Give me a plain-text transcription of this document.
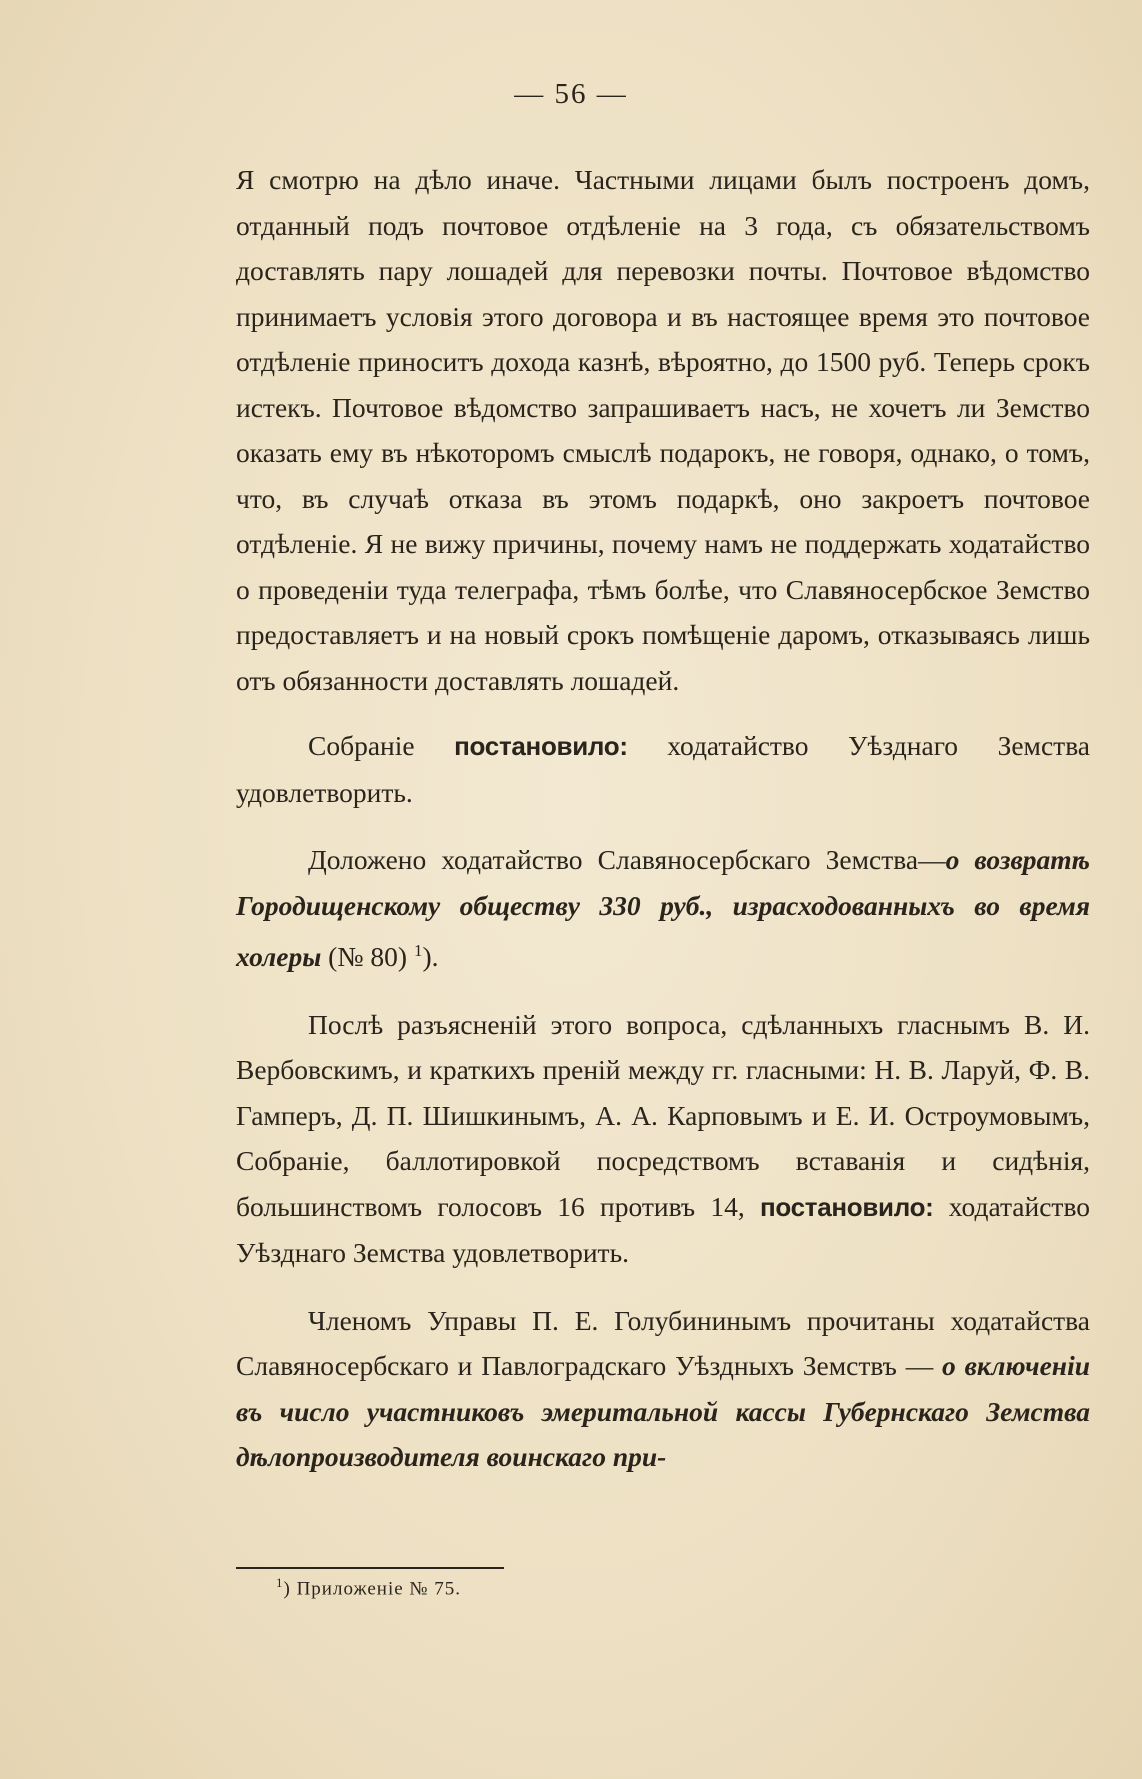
— 56 —

Я смотрю на дѣло иначе. Частными лицами былъ построенъ домъ, отданный подъ почтовое отдѣленіе на 3 года, съ обязательствомъ доставлять пару лошадей для перевозки почты. Почтовое вѣдомство принимаетъ условія этого договора и въ настоящее время это почтовое отдѣленіе приноситъ дохода казнѣ, вѣроятно, до 1500 руб. Теперь срокъ истекъ. Почтовое вѣдомство запрашиваетъ насъ, не хочетъ ли Земство оказать ему въ нѣкоторомъ смыслѣ подарокъ, не говоря, однако, о томъ, что, въ случаѣ отказа въ этомъ подаркѣ, оно закроетъ почтовое отдѣленіе. Я не вижу причины, почему намъ не поддержать ходатайство о проведеніи туда телеграфа, тѣмъ болѣе, что Славяносербское Земство предоставляетъ и на новый срокъ помѣщеніе даромъ, отказываясь лишь отъ обязанности доставлять лошадей.

Собраніе постановило: ходатайство Уѣзднаго Земства удовлетворить.

Доложено ходатайство Славяносербскаго Земства—о возвратѣ Городищенскому обществу 330 руб., израсходованныхъ во время холеры (№ 80) $^1$).

Послѣ разъясненій этого вопроса, сдѣланныхъ гласнымъ В. И. Вербовскимъ, и краткихъ преній между гг. гласными: Н. В. Ларуй, Ф. В. Гамперъ, Д. П. Шишкинымъ, А. А. Карповымъ и Е. И. Остроумовымъ, Собраніе, баллотировкой посредствомъ вставанія и сидѣнія, большинствомъ голосовъ 16 противъ 14, постановило: ходатайство Уѣзднаго Земства удовлетворить.

Членомъ Управы П. Е. Голубининымъ прочитаны ходатайства Славяносербскаго и Павлоградскаго Уѣздныхъ Земствъ — о включеніи въ число участниковъ эмеритальной кассы Губернскаго Земства дѣлопроизводителя воинскаго при-

$^1$) Приложеніе № 75.
